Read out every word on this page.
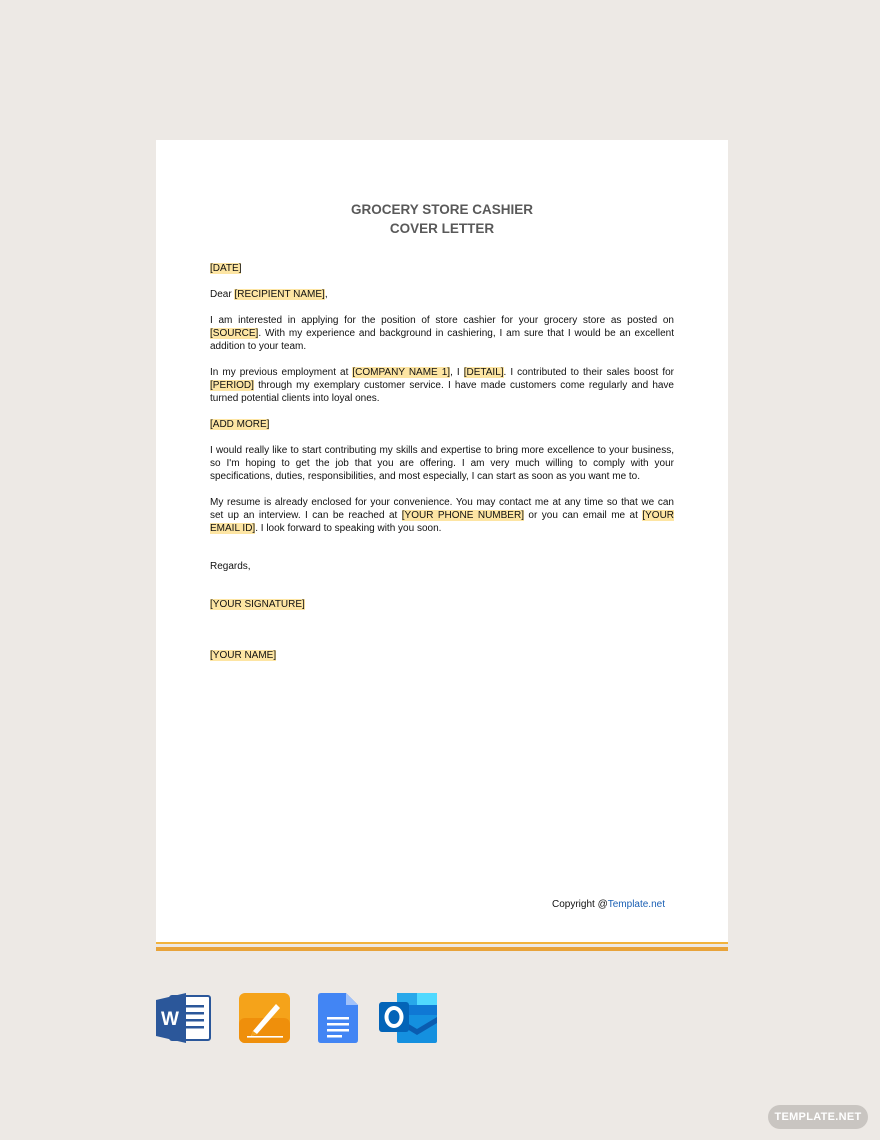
GROCERY STORE CASHIER
COVER LETTER

[DATE]

Dear [RECIPIENT NAME],

I am interested in applying for the position of store cashier for your grocery store as posted on [SOURCE]. With my experience and background in cashiering, I am sure that I would be an excellent addition to your team.

In my previous employment at [COMPANY NAME 1], I [DETAIL]. I contributed to their sales boost for [PERIOD] through my exemplary customer service. I have made customers come regularly and have turned potential clients into loyal ones.

[ADD MORE]

I would really like to start contributing my skills and expertise to bring more excellence to your business, so I'm hoping to get the job that you are offering. I am very much willing to comply with your specifications, duties, responsibilities, and most especially, I can start as soon as you want me to.

My resume is already enclosed for your convenience. You may contact me at any time so that we can set up an interview. I can be reached at [YOUR PHONE NUMBER] or you can email me at [YOUR EMAIL ID]. I look forward to speaking with you soon.

Regards,

[YOUR SIGNATURE]

[YOUR NAME]

Copyright @Template.net
W
TEMPLATE.NET
